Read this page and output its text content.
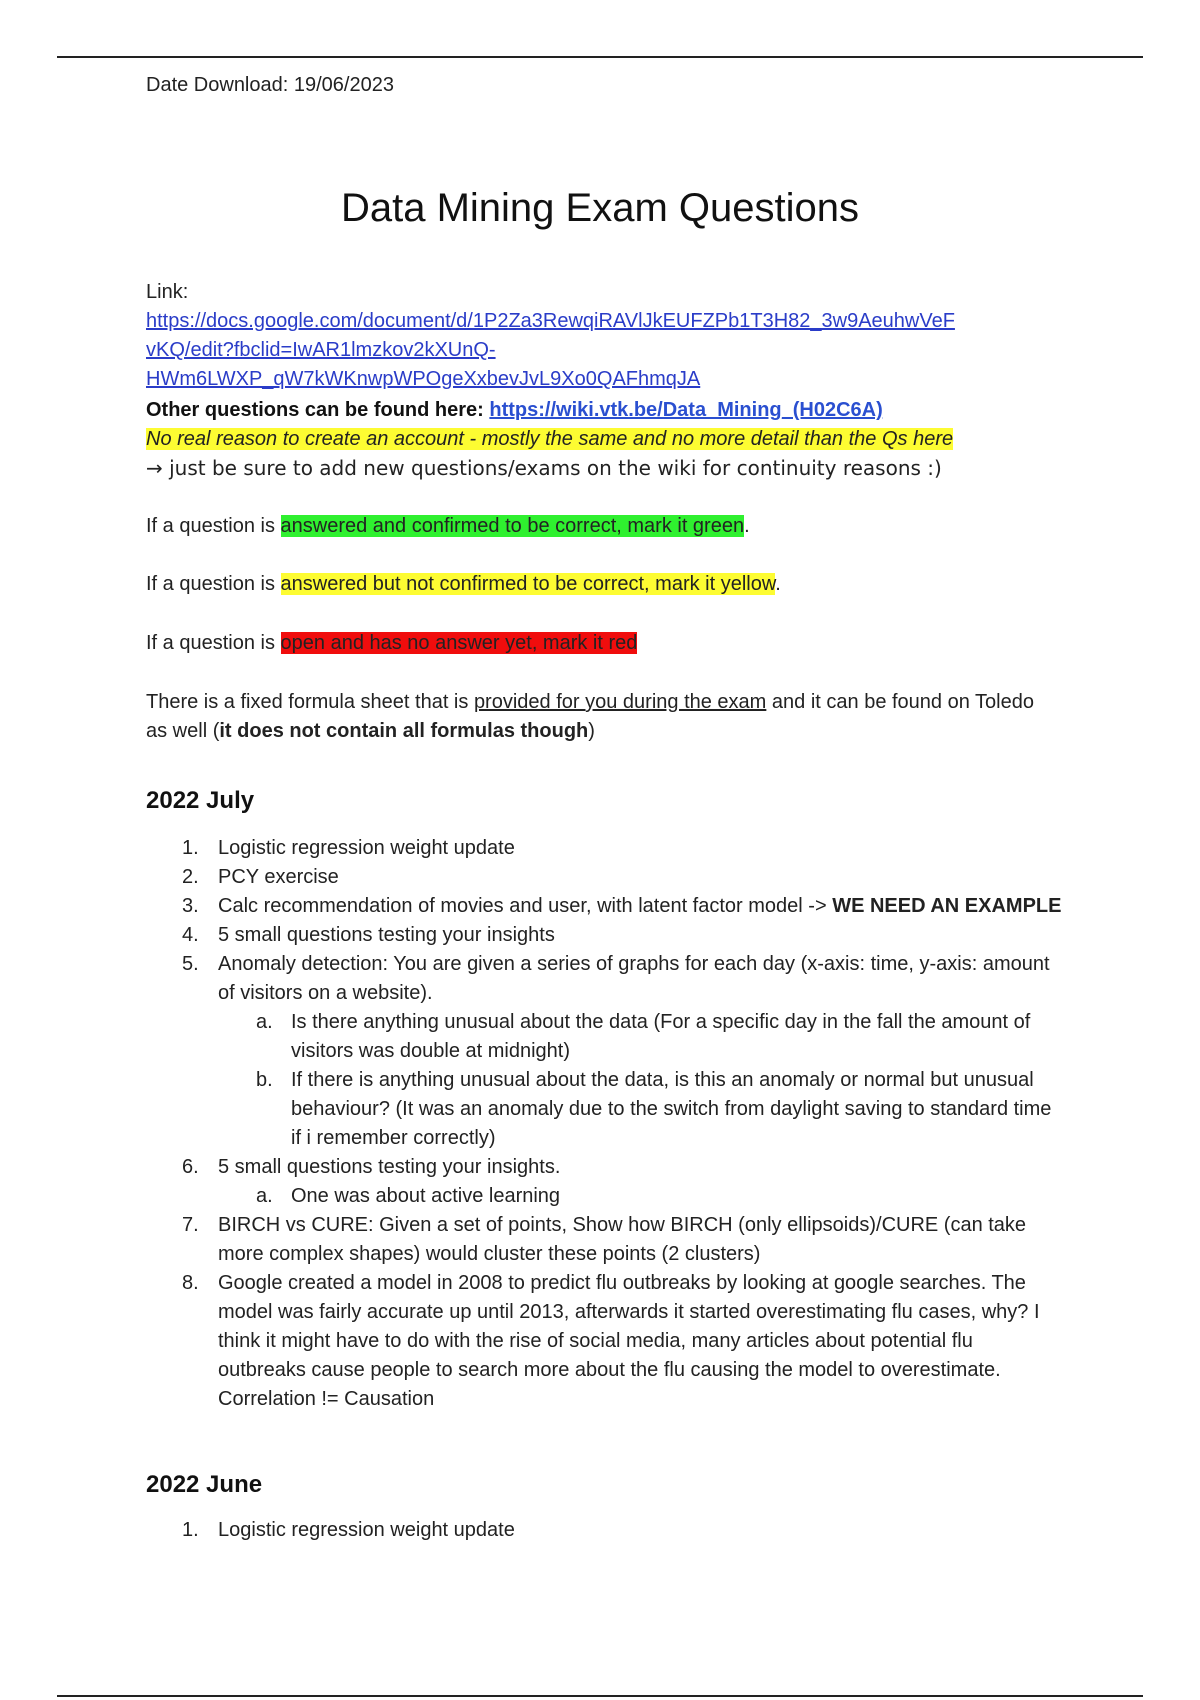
Date Download: 19/06/2023

Data Mining Exam Questions
Link:
https://docs.google.com/document/d/1P2Za3RewqiRAVlJkEUFZPb1T3H82_3w9AeuhwVeF
vKQ/edit?fbclid=IwAR1lmzkov2kXUnQ-
HWm6LWXP_qW7kWKnwpWPOgeXxbevJvL9Xo0QAFhmqJA

Other questions can be found here: https://wiki.vtk.be/Data_Mining_(H02C6A)

No real reason to create an account - mostly the same and no more detail than the Qs here

→ just be sure to add new questions/exams on the wiki for continuity reasons :)

If a question is answered and confirmed to be correct, mark it green.

If a question is answered but not confirmed to be correct, mark it yellow.

If a question is open and has no answer yet, mark it red

There is a fixed formula sheet that is provided for you during the exam and it can be found on Toledo as well (it does not contain all formulas though)

2022 July
1. Logistic regression weight update
2. PCY exercise
3. Calc recommendation of movies and user, with latent factor model -> WE NEED AN EXAMPLE
4. 5 small questions testing your insights
5. Anomaly detection: You are given a series of graphs for each day (x-axis: time, y-axis: amount of visitors on a website).
a. Is there anything unusual about the data (For a specific day in the fall the amount of visitors was double at midnight)
b. If there is anything unusual about the data, is this an anomaly or normal but unusual behaviour? (It was an anomaly due to the switch from daylight saving to standard time if i remember correctly)
6. 5 small questions testing your insights.
a. One was about active learning
7. BIRCH vs CURE: Given a set of points, Show how BIRCH (only ellipsoids)/CURE (can take more complex shapes) would cluster these points (2 clusters)
8. Google created a model in 2008 to predict flu outbreaks by looking at google searches. The model was fairly accurate up until 2013, afterwards it started overestimating flu cases, why? I think it might have to do with the rise of social media, many articles about potential flu outbreaks cause people to search more about the flu causing the model to overestimate. Correlation != Causation
2022 June
1. Logistic regression weight update
